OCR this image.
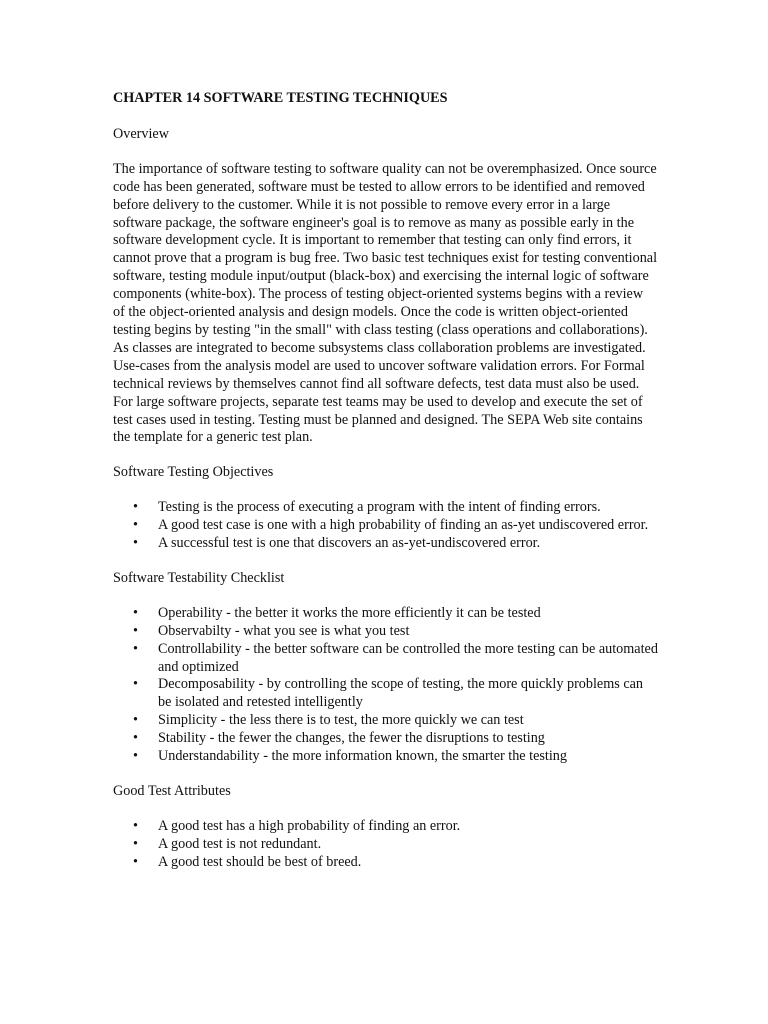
CHAPTER 14 SOFTWARE TESTING TECHNIQUES
Overview
The importance of software testing to software quality can not be overemphasized. Once source code has been generated, software must be tested to allow errors to be identified and removed before delivery to the customer. While it is not possible to remove every error in a large software package, the software engineer's goal is to remove as many as possible early in the software development cycle. It is important to remember that testing can only find errors, it cannot prove that a program is bug free. Two basic test techniques exist for testing conventional software, testing module input/output (black-box) and exercising the internal logic of software components (white-box). The process of testing object-oriented systems begins with a review of the object-oriented analysis and design models. Once the code is written object-oriented testing begins by testing "in the small" with class testing (class operations and collaborations). As classes are integrated to become subsystems class collaboration problems are investigated. Use-cases from the analysis model are used to uncover software validation errors. For Formal technical reviews by themselves cannot find all software defects, test data must also be used. For large software projects, separate test teams may be used to develop and execute the set of test cases used in testing. Testing must be planned and designed. The SEPA Web site contains the template for a generic test plan.
Software Testing Objectives
• Testing is the process of executing a program with the intent of finding errors.
• A good test case is one with a high probability of finding an as-yet undiscovered error.
• A successful test is one that discovers an as-yet-undiscovered error.
Software Testability Checklist
• Operability - the better it works the more efficiently it can be tested
• Observabilty - what you see is what you test
• Controllability - the better software can be controlled the more testing can be automated and optimized
• Decomposability - by controlling the scope of testing, the more quickly problems can be isolated and retested intelligently
• Simplicity - the less there is to test, the more quickly we can test
• Stability - the fewer the changes, the fewer the disruptions to testing
• Understandability - the more information known, the smarter the testing
Good Test Attributes
• A good test has a high probability of finding an error.
• A good test is not redundant.
• A good test should be best of breed.
